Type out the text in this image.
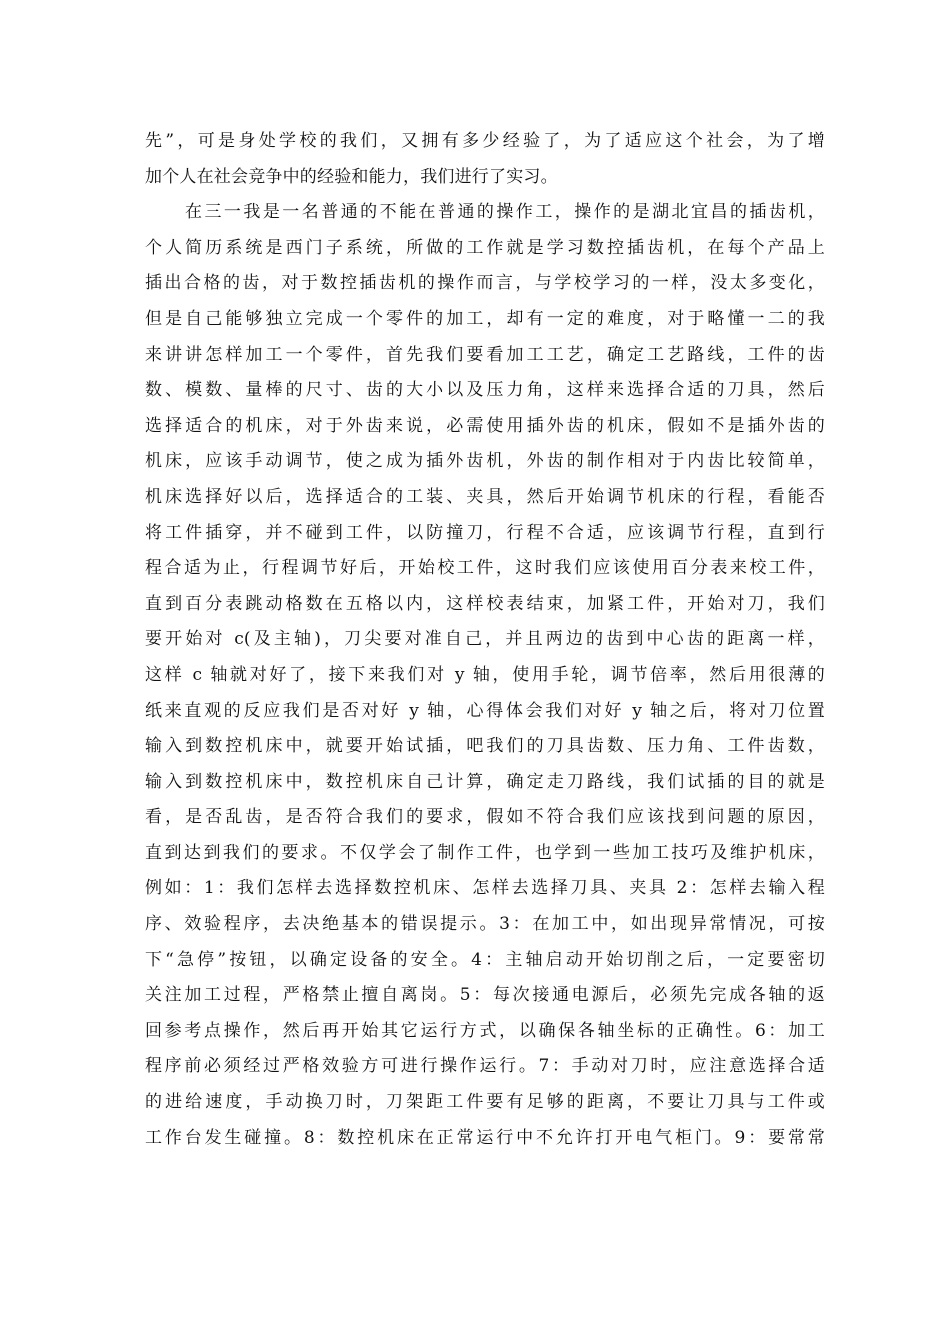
先”，可是身处学校的我们，又拥有多少经验了，为了适应这个社会，为了增
加个人在社会竞争中的经验和能力，我们进行了实习。
在三一我是一名普通的不能在普通的操作工，操作的是湖北宜昌的插齿机，
个人简历系统是西门子系统，所做的工作就是学习数控插齿机，在每个产品上
插出合格的齿，对于数控插齿机的操作而言，与学校学习的一样，没太多变化，
但是自己能够独立完成一个零件的加工，却有一定的难度，对于略懂一二的我
来讲讲怎样加工一个零件，首先我们要看加工工艺，确定工艺路线，工件的齿
数、模数、量棒的尺寸、齿的大小以及压力角，这样来选择合适的刀具，然后
选择适合的机床，对于外齿来说，必需使用插外齿的机床，假如不是插外齿的
机床，应该手动调节，使之成为插外齿机，外齿的制作相对于内齿比较简单，
机床选择好以后，选择适合的工装、夹具，然后开始调节机床的行程，看能否
将工件插穿，并不碰到工件，以防撞刀，行程不合适，应该调节行程，直到行
程合适为止，行程调节好后，开始校工件，这时我们应该使用百分表来校工件，
直到百分表跳动格数在五格以内，这样校表结束，加紧工件，开始对刀，我们
要开始对 c(及主轴)，刀尖要对准自己，并且两边的齿到中心齿的距离一样，
这样 c 轴就对好了，接下来我们对 y 轴，使用手轮，调节倍率，然后用很薄的
纸来直观的反应我们是否对好 y 轴，心得体会我们对好 y 轴之后，将对刀位置
输入到数控机床中，就要开始试插，吧我们的刀具齿数、压力角、工件齿数，
输入到数控机床中，数控机床自己计算，确定走刀路线，我们试插的目的就是
看，是否乱齿，是否符合我们的要求，假如不符合我们应该找到问题的原因，
直到达到我们的要求。不仅学会了制作工件，也学到一些加工技巧及维护机床，
例如：1：我们怎样去选择数控机床、怎样去选择刀具、夹具 2：怎样去输入程
序、效验程序，去决绝基本的错误提示。3：在加工中，如出现异常情况，可按
下“急停”按钮，以确定设备的安全。4：主轴启动开始切削之后，一定要密切
关注加工过程，严格禁止擅自离岗。5：每次接通电源后，必须先完成各轴的返
回参考点操作，然后再开始其它运行方式，以确保各轴坐标的正确性。6：加工
程序前必须经过严格效验方可进行操作运行。7：手动对刀时，应注意选择合适
的进给速度，手动换刀时，刀架距工件要有足够的距离，不要让刀具与工件或
工作台发生碰撞。8：数控机床在正常运行中不允许打开电气柜门。9：要常常
